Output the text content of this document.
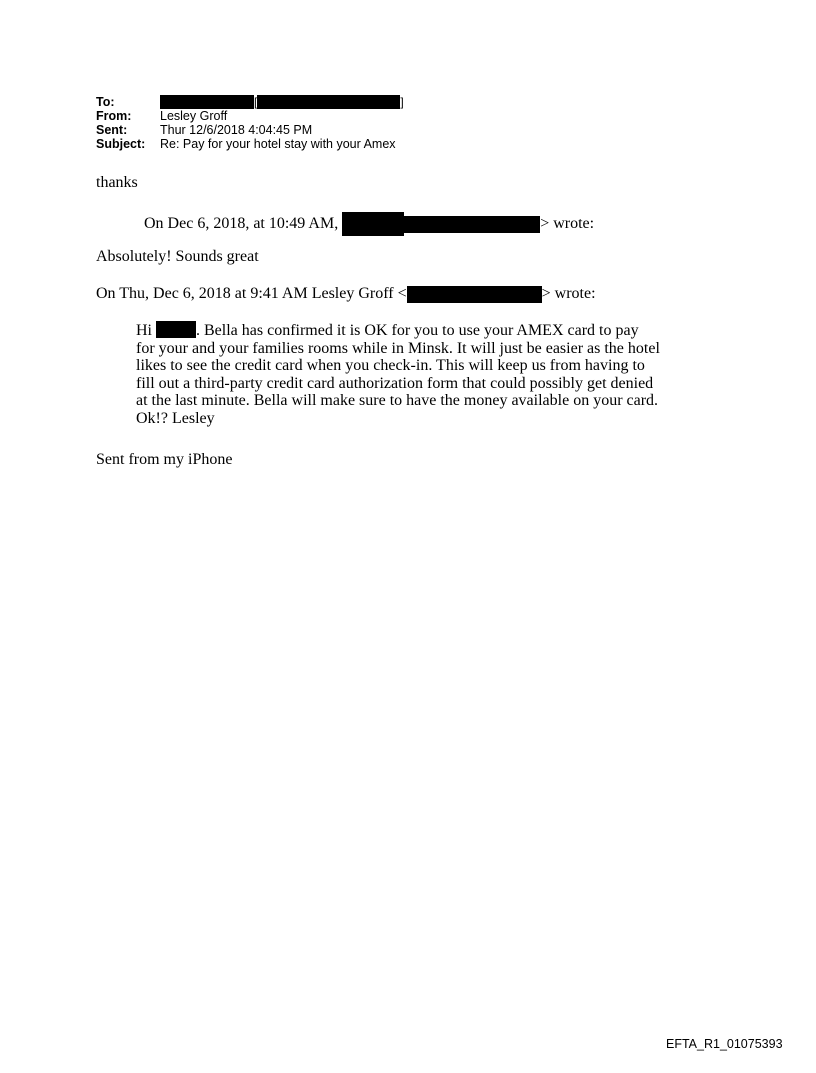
To:	[	]
From:	Lesley Groff
Sent:	Thur 12/6/2018 4:04:45 PM
Subject:	Re: Pay for your hotel stay with your Amex
thanks
On Dec 6, 2018, at 10:49 AM,	> wrote:
Absolutely! Sounds great
On Thu, Dec 6, 2018 at 9:41 AM Lesley Groff <	> wrote:

Hi	. Bella has confirmed it is OK for you to use your AMEX card to pay

for your and your families rooms while in Minsk. It will just be easier as the hotel

likes to see the credit card when you check-in. This will keep us from having to

fill out a third-party credit card authorization form that could possibly get denied

at the last minute. Bella will make sure to have the money available on your card.

Ok!? Lesley

Sent from my iPhone
EFTA_R1_01075393
